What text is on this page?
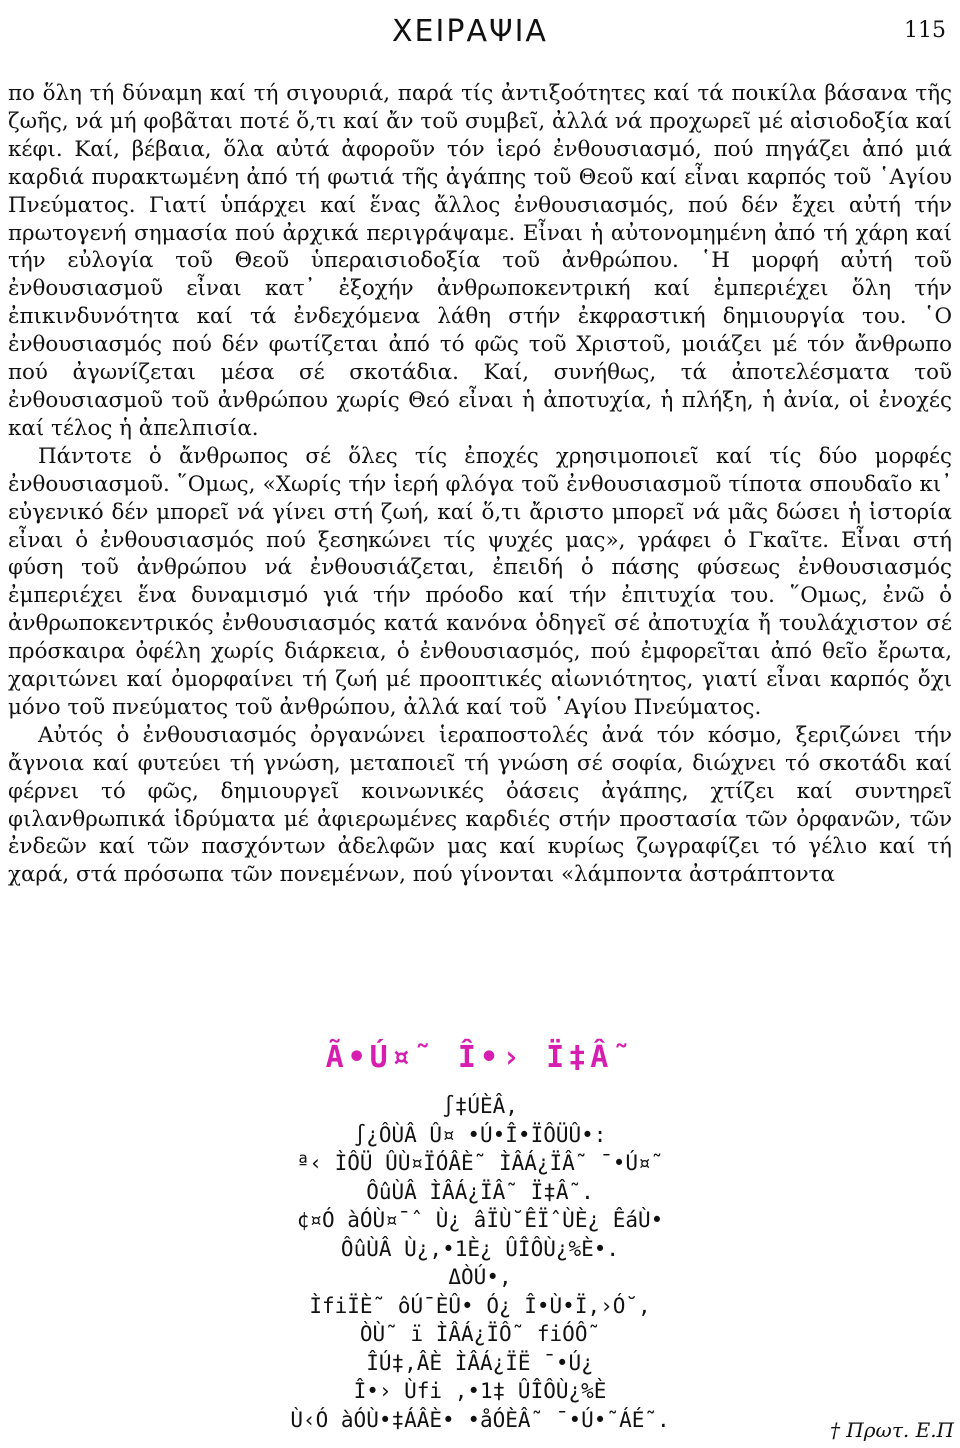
ΧΕΙΡΑΨΙΑ	115

πο ὅλη τή δύναμη καί τή σιγουριά, παρά τίς ἀντιξοότητες καί τά ποικίλα βάσανα τῆς ζωῆς, νά μή φοβᾶται ποτέ ὅ,τι καί ἄν τοῦ συμβεῖ, ἀλλά νά προχωρεῖ μέ αἰσιοδοξία καί κέφι. Καί, βέβαια, ὅλα αὐτά ἀφοροῦν τόν ἱερό ἐνθουσιασμό, πού πηγάζει ἀπό μιά καρδιά πυρακτωμένη ἀπό τή φωτιά τῆς ἀγάπης τοῦ Θεοῦ καί εἶναι καρπός τοῦ ῾Αγίου Πνεύματος. Γιατί ὑπάρχει καί ἕνας ἄλλος ἐνθουσιασμός, πού δέν ἔχει αὐτή τήν πρωτογενή σημασία πού ἀρχικά περιγράψαμε. Εἶναι ἡ αὐτονομημένη ἀπό τή χάρη καί τήν εὐλογία τοῦ Θεοῦ ὑπεραισιοδοξία τοῦ ἀνθρώπου. ῾Η μορφή αὐτή τοῦ ἐνθουσιασμοῦ εἶναι κατ᾿ ἐξοχήν ἀνθρωποκεντρική καί ἐμπεριέχει ὅλη τήν ἐπικινδυνότητα καί τά ἐνδεχόμενα λάθη στήν ἐκφραστική δημιουργία του. ῾Ο ἐνθουσιασμός πού δέν φωτίζεται ἀπό τό φῶς τοῦ Χριστοῦ, μοιάζει μέ τόν ἄνθρωπο πού ἀγωνίζεται μέσα σέ σκοτάδια. Καί, συνήθως, τά ἀποτελέσματα τοῦ ἐνθουσιασμοῦ τοῦ ἀνθρώπου χωρίς Θεό εἶναι ἡ ἀποτυχία, ἡ πλήξη, ἡ ἀνία, οἱ ἐνοχές καί τέλος ἡ ἀπελπισία.

Πάντοτε ὁ ἄνθρωπος σέ ὅλες τίς ἐποχές χρησιμοποιεῖ καί τίς δύο μορφές ἐνθουσιασμοῦ. ῞Ομως, «Χωρίς τήν ἱερή φλόγα τοῦ ἐνθουσιασμοῦ τίποτα σπουδαῖο κι᾿ εὐγενικό δέν μπορεῖ νά γίνει στή ζωή, καί ὅ,τι ἄριστο μπορεῖ νά μᾶς δώσει ἡ ἱστορία εἶναι ὁ ἐνθουσιασμός πού ξεσηκώνει τίς ψυχές μας», γράφει ὁ Γκαῖτε. Εἶναι στή φύση τοῦ ἀνθρώπου νά ἐνθουσιάζεται, ἐπειδή ὁ πάσης φύσεως ἐνθουσιασμός ἐμπεριέχει ἕνα δυναμισμό γιά τήν πρόοδο καί τήν ἐπιτυχία του. ῞Ομως, ἐνῶ ὁ ἀνθρωποκεντρικός ἐνθουσιασμός κατά κανόνα ὁδηγεῖ σέ ἀποτυχία ἤ τουλάχιστον σέ πρόσκαιρα ὀφέλη χωρίς διάρκεια, ὁ ἐνθουσιασμός, πού ἐμφορεῖται ἀπό θεῖο ἔρωτα, χαριτώνει καί ὀμορφαίνει τή ζωή μέ προοπτικές αἰωνιότητος, γιατί εἶναι καρπός ὄχι μόνο τοῦ πνεύματος τοῦ ἀνθρώπου, ἀλλά καί τοῦ ῾Αγίου Πνεύματος.

Αὐτός ὁ ἐνθουσιασμός ὀργανώνει ἱεραποστολές ἀνά τόν κόσμο, ξεριζώνει τήν ἄγνοια καί φυτεύει τή γνώση, μεταποιεῖ τή γνώση σέ σοφία, διώχνει τό σκοτάδι καί φέρνει τό φῶς, δημιουργεῖ κοινωνικές ὀάσεις ἀγάπης, χτίζει καί συντηρεῖ φιλανθρωπικά ἱδρύματα μέ ἀφιερωμένες καρδιές στήν προστασία τῶν ὀρφανῶν, τῶν ἐνδεῶν καί τῶν πασχόντων ἀδελφῶν μας καί κυρίως ζωγραφίζει τό γέλιο καί τή χαρά, στά πρόσωπα τῶν πονεμένων, πού γίνονται «λάμποντα ἀστράπτοντα

Ã•Ú¤˜ Î•› Ï‡Â˜
∫‡ÚÈÂ,
∫¿ÔÙÂ Û¤ •Ú•Î•ÏÔÜÛ•:
ª‹ ÌÔÜ ÛÙ¤ÏÓÂÈ˜ ÌÂÁ¿ÏÂ˜ ¯•Ú¤˜
ÔûÙÂ ÌÂÁ¿ÏÂ˜ Ï‡Â˜.
¢¤Ó àÓÙ¤¯ˆ Ù¿ âÏÙ˘ÊÏˆÙÈ¿ ÊáÙ•
ÔûÙÂ Ù¿,•1È¿ ÛÎÔÙ¿%È•.
ΔÒÚ•,
ÌfiÏÈ˜ ôÚ¯ÈÛ• Ó¿ Î•Ù•Ï,›Ó˘,
ÒÙ˜ ï ÌÂÁ¿ÏÔ˜ fiÓÔ˜
ÎÚ‡,ÂÈ ÌÂÁ¿ÏË ¯•Ú¿
Î•› Ùfi ,•1‡ ÛÎÔÙ¿%È
Ù‹Ó àÓÙ•‡ÁÂÈ• •åÓÈÂ˜ ¯•Ú•˜ÁÉ˜.	† Πρωτ. Ε.Π
